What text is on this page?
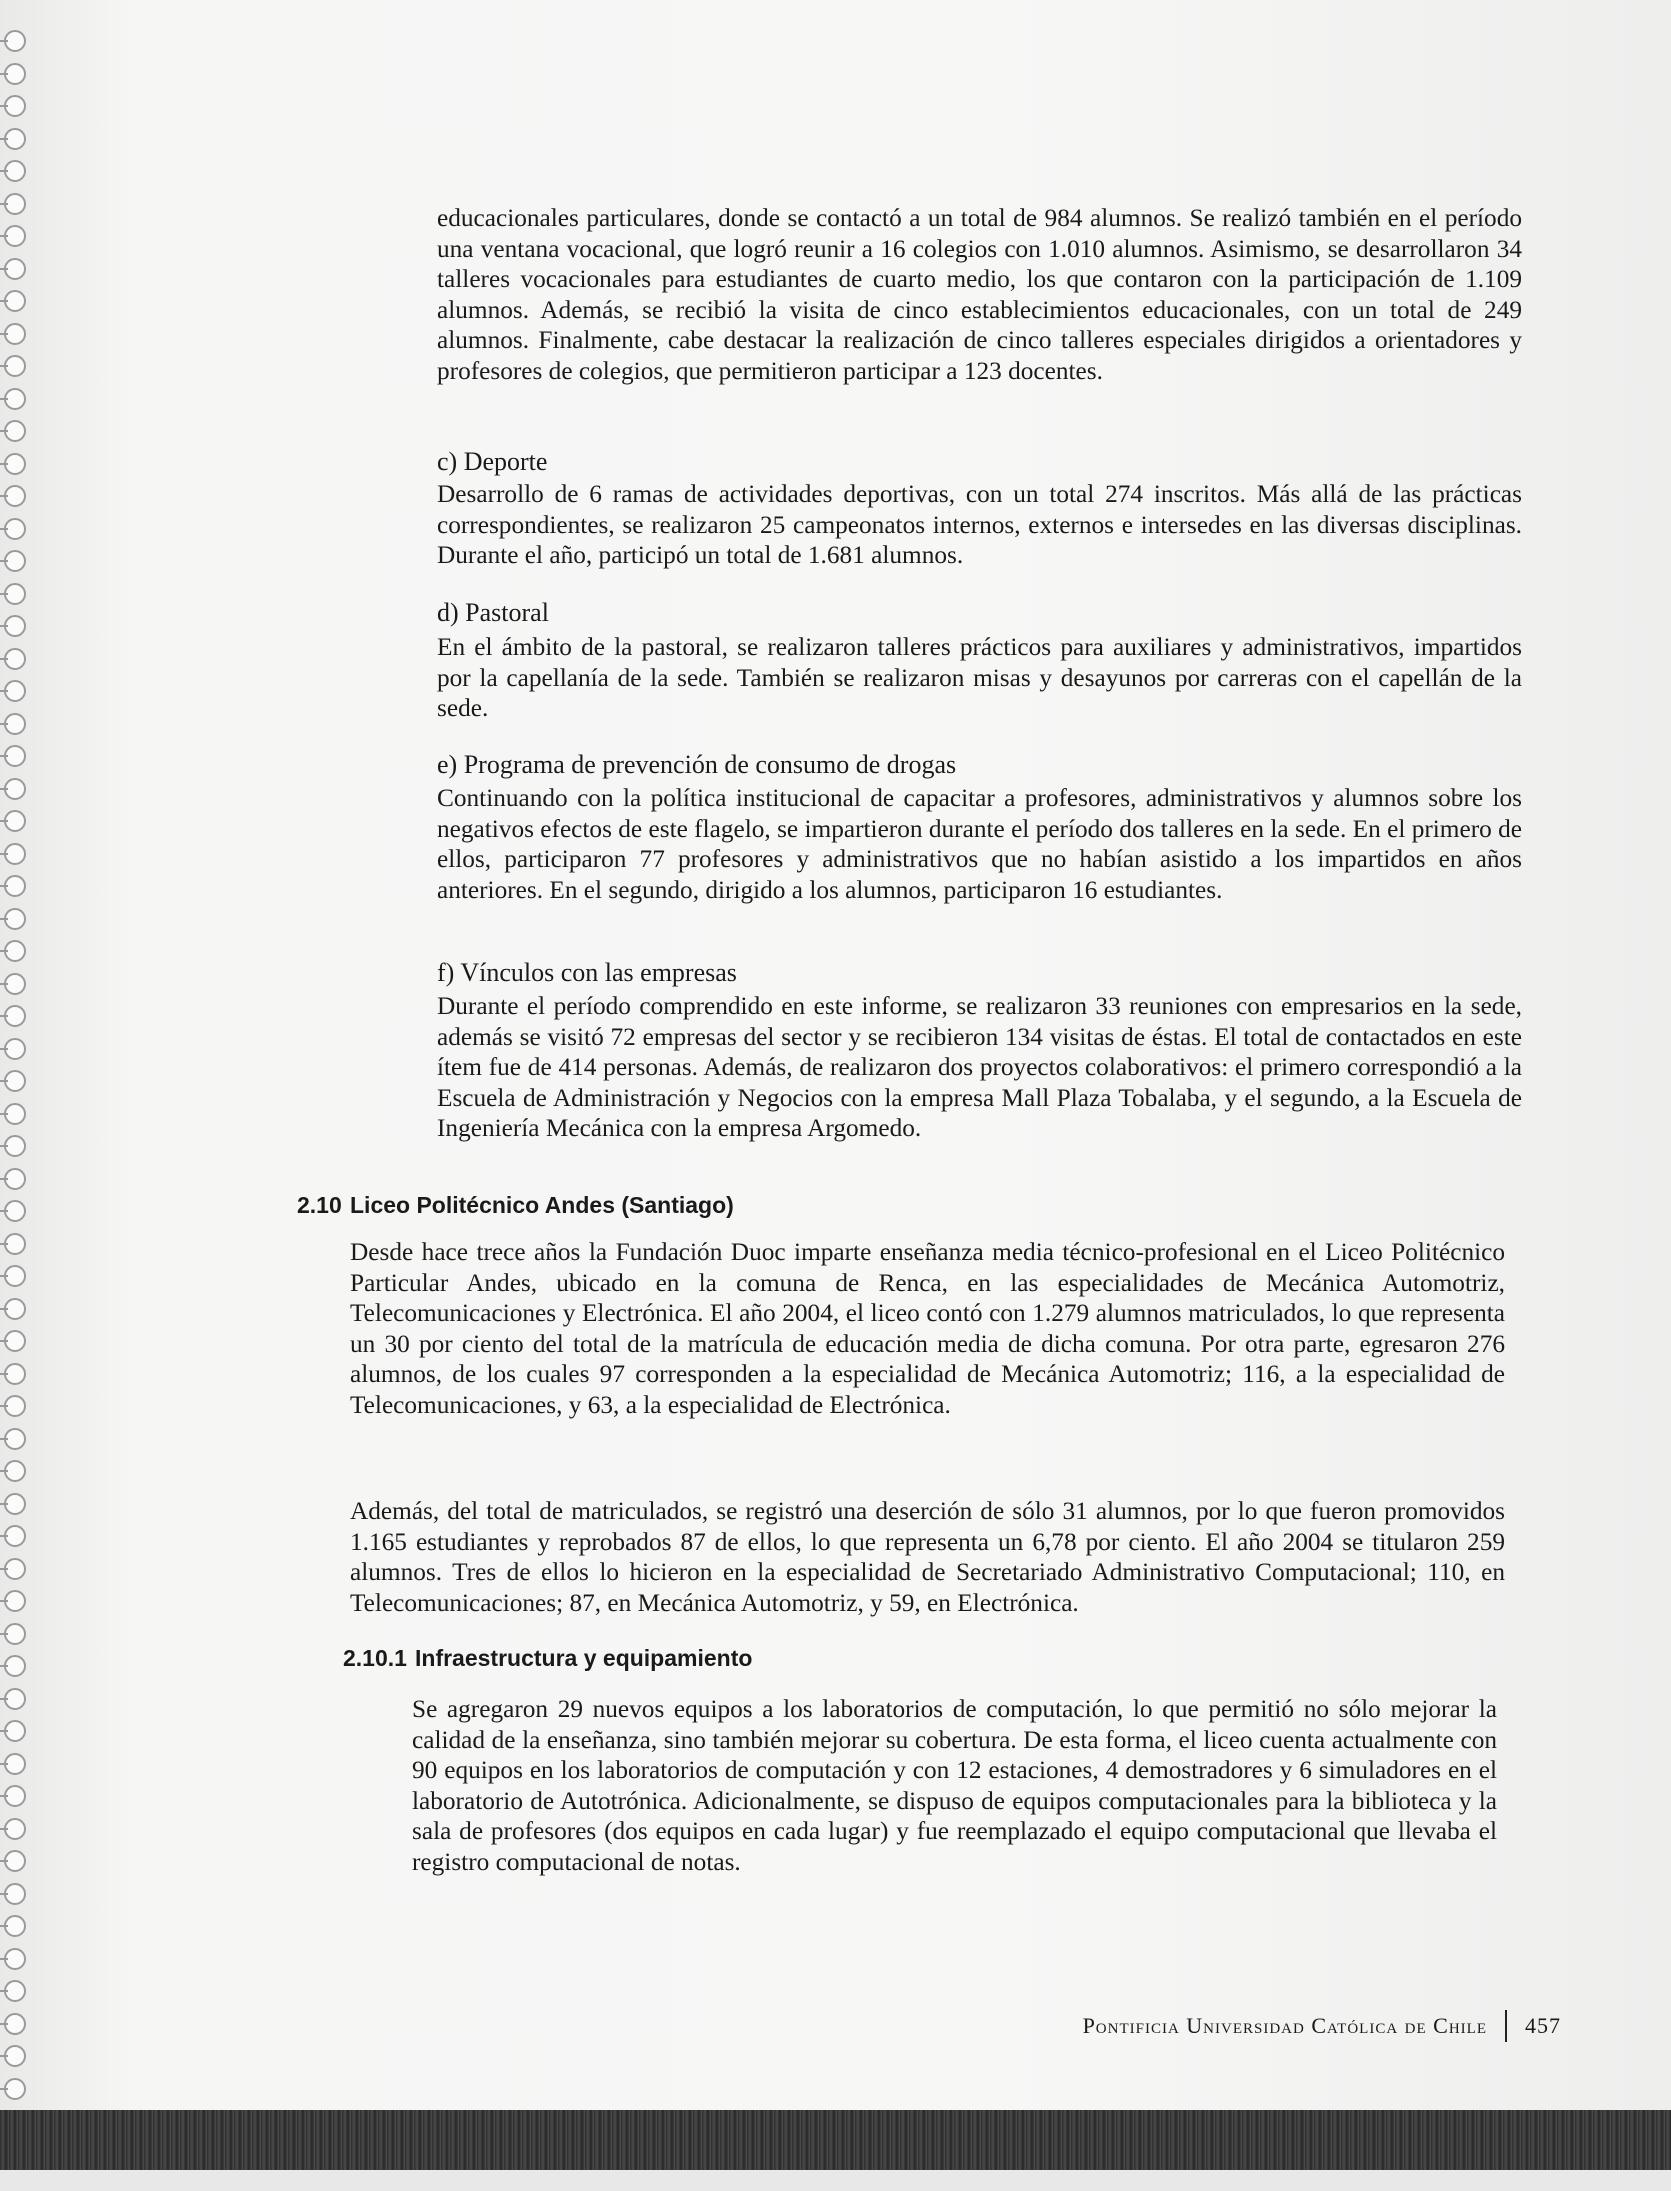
educacionales particulares, donde se contactó a un total de 984 alumnos. Se realizó también en el período una ventana vocacional, que logró reunir a 16 colegios con 1.010 alumnos. Asimismo, se desarrollaron 34 talleres vocacionales para estudiantes de cuarto medio, los que contaron con la participación de 1.109 alumnos. Además, se recibió la visita de cinco establecimientos educacionales, con un total de 249 alumnos. Finalmente, cabe destacar la realización de cinco talleres especiales dirigidos a orientadores y profesores de colegios, que permitieron participar a 123 docentes.
c) Deporte
Desarrollo de 6 ramas de actividades deportivas, con un total 274 inscritos. Más allá de las prácticas correspondientes, se realizaron 25 campeonatos internos, externos e intersedes en las diversas disciplinas. Durante el año, participó un total de 1.681 alumnos.
d) Pastoral
En el ámbito de la pastoral, se realizaron talleres prácticos para auxiliares y administrativos, impartidos por la capellanía de la sede. También se realizaron misas y desayunos por carreras con el capellán de la sede.
e) Programa de prevención de consumo de drogas
Continuando con la política institucional de capacitar a profesores, administrativos y alumnos sobre los negativos efectos de este flagelo, se impartieron durante el período dos talleres en la sede. En el primero de ellos, participaron 77 profesores y administrativos que no habían asistido a los impartidos en años anteriores. En el segundo, dirigido a los alumnos, participaron 16 estudiantes.
f) Vínculos con las empresas
Durante el período comprendido en este informe, se realizaron 33 reuniones con empresarios en la sede, además se visitó 72 empresas del sector y se recibieron 134 visitas de éstas. El total de contactados en este ítem fue de 414 personas. Además, de realizaron dos proyectos colaborativos: el primero correspondió a la Escuela de Administración y Negocios con la empresa Mall Plaza Tobalaba, y el segundo, a la Escuela de Ingeniería Mecánica con la empresa Argomedo.
2.10 Liceo Politécnico Andes (Santiago)
Desde hace trece años la Fundación Duoc imparte enseñanza media técnico-profesional en el Liceo Politécnico Particular Andes, ubicado en la comuna de Renca, en las especialidades de Mecánica Automotriz, Telecomunicaciones y Electrónica. El año 2004, el liceo contó con 1.279 alumnos matriculados, lo que representa un 30 por ciento del total de la matrícula de educación media de dicha comuna. Por otra parte, egresaron 276 alumnos, de los cuales 97 corresponden a la especialidad de Mecánica Automotriz; 116, a la especialidad de Telecomunicaciones, y 63, a la especialidad de Electrónica.
Además, del total de matriculados, se registró una deserción de sólo 31 alumnos, por lo que fueron promovidos 1.165 estudiantes y reprobados 87 de ellos, lo que representa un 6,78 por ciento. El año 2004 se titularon 259 alumnos. Tres de ellos lo hicieron en la especialidad de Secretariado Administrativo Computacional; 110, en Telecomunicaciones; 87, en Mecánica Automotriz, y 59, en Electrónica.
2.10.1 Infraestructura y equipamiento
Se agregaron 29 nuevos equipos a los laboratorios de computación, lo que permitió no sólo mejorar la calidad de la enseñanza, sino también mejorar su cobertura. De esta forma, el liceo cuenta actualmente con 90 equipos en los laboratorios de computación y con 12 estaciones, 4 demostradores y 6 simuladores en el laboratorio de Autotrónica. Adicionalmente, se dispuso de equipos computacionales para la biblioteca y la sala de profesores (dos equipos en cada lugar) y fue reemplazado el equipo computacional que llevaba el registro computacional de notas.
Pontificia Universidad Católica de Chile 457
